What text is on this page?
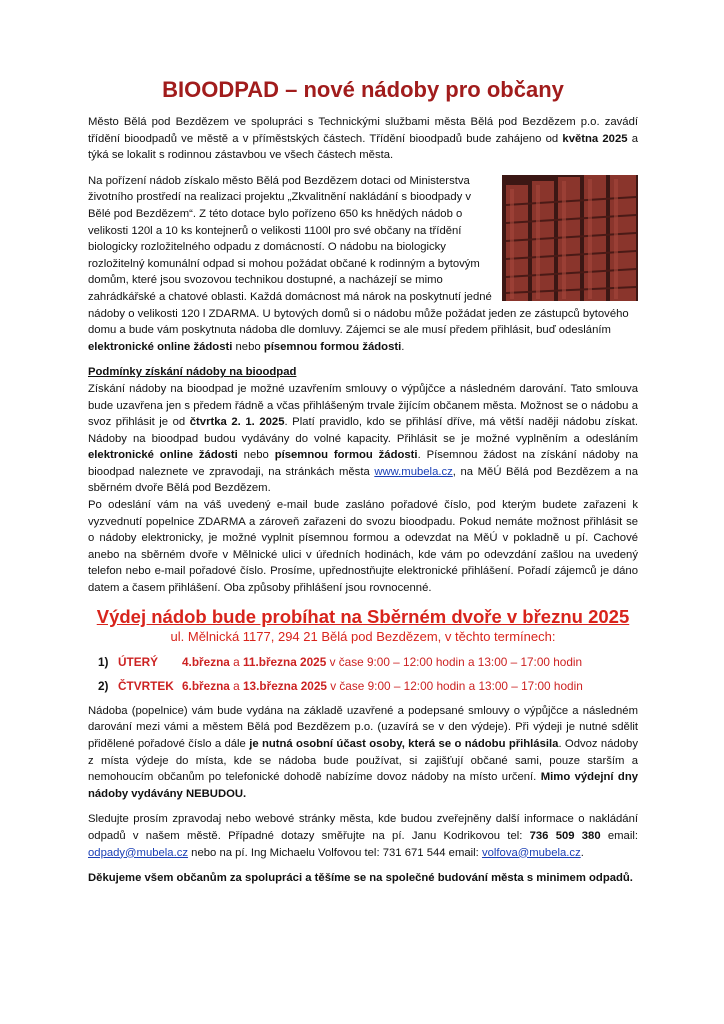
BIOODPAD – nové nádoby pro občany

Město Bělá pod Bezdězem ve spolupráci s Technickými službami města Bělá pod Bezdězem p.o. zavádí třídění bioodpadů ve městě a v příměstských částech. Třídění bioodpadů bude zahájeno od května 2025 a týká se lokalit s rodinnou zástavbou ve všech částech města.

Na pořízení nádob získalo město Bělá pod Bezdězem dotaci od Ministerstva životního prostředí na realizaci projektu „Zkvalitnění nakládání s bioodpady v Bělé pod Bezdězem“. Z této dotace bylo pořízeno 650 ks hnědých nádob o velikosti 120l a 10 ks kontejnerů o velikosti 1100l pro své občany na třídění biologicky rozložitelného odpadu z domácností. O nádobu na biologicky rozložitelný komunální odpad si mohou požádat občané k rodinným a bytovým domům, které jsou svozovou technikou dostupné, a nacházejí se mimo zahrádkářské a chatové oblasti. Každá domácnost má nárok na poskytnutí jedné nádoby o velikosti 120 l ZDARMA. U bytových domů si o nádobu může požádat jeden ze zástupců bytového domu a bude vám poskytnuta nádoba dle domluvy. Zájemci se ale musí předem přihlásit, buď odesláním elektronické online žádosti nebo písemnou formou žádosti.

Podmínky získání nádoby na bioodpad

Získání nádoby na bioodpad je možné uzavřením smlouvy o výpůjčce a následném darování. Tato smlouva bude uzavřena jen s předem řádně a včas přihlášeným trvale žijícím občanem města. Možnost se o nádobu a svoz přihlásit je od čtvrtka 2. 1. 2025. Platí pravidlo, kdo se přihlásí dříve, má větší naději nádobu získat. Nádoby na bioodpad budou vydávány do volné kapacity. Přihlásit se je možné vyplněním a odesláním elektronické online žádosti nebo písemnou formou žádosti. Písemnou žádost na získání nádoby na bioodpad naleznete ve zpravodaji, na stránkách města www.mubela.cz, na MěÚ Bělá pod Bezdězem a na sběrném dvoře Bělá pod Bezdězem.

Po odeslání vám na váš uvedený e-mail bude zasláno pořadové číslo, pod kterým budete zařazeni k vyzvednutí popelnice ZDARMA a zároveň zařazeni do svozu bioodpadu. Pokud nemáte možnost přihlásit se o nádoby elektronicky, je možné vyplnit písemnou formou a odevzdat na MěÚ v pokladně u pí. Cachové anebo na sběrném dvoře v Mělnické ulici v úředních hodinách, kde vám po odevzdání zašlou na uvedený telefon nebo e-mail pořadové číslo. Prosíme, upřednostňujte elektronické přihlášení. Pořadí zájemců je dáno datem a časem přihlášení. Oba způsoby přihlášení jsou rovnocenné.

Výdej nádob bude probíhat na Sběrném dvoře v březnu 2025

ul. Mělnická 1177, 294 21 Bělá pod Bezdězem, v těchto termínech:

1) ÚTERÝ 4.března a 11.března 2025 v čase 9:00 – 12:00 hodin a 13:00 – 17:00 hodin
2) ČTVRTEK 6.března a 13.března 2025 v čase 9:00 – 12:00 hodin a 13:00 – 17:00 hodin

Nádoba (popelnice) vám bude vydána na základě uzavřené a podepsané smlouvy o výpůjčce a následném darování mezi vámi a městem Bělá pod Bezdězem p.o. (uzavírá se v den výdeje). Při výdeji je nutné sdělit přidělené pořadové číslo a dále je nutná osobní účast osoby, která se o nádobu přihlásila. Odvoz nádoby z místa výdeje do místa, kde se nádoba bude používat, si zajišťují občané sami, pouze starším a nemohoucím občanům po telefonické dohodě nabízíme dovoz nádoby na místo určení. Mimo výdejní dny nádoby vydávány NEBUDOU.

Sledujte prosím zpravodaj nebo webové stránky města, kde budou zveřejněny další informace o nakládání odpadů v našem městě. Případné dotazy směřujte na pí. Janu Kodrikovou tel: 736 509 380 email: odpady@mubela.cz nebo na pí. Ing Michaelu Volfovou tel: 731 671 544 email: volfova@mubela.cz.

Děkujeme všem občanům za spolupráci a těšíme se na společné budování města s minimem odpadů.
